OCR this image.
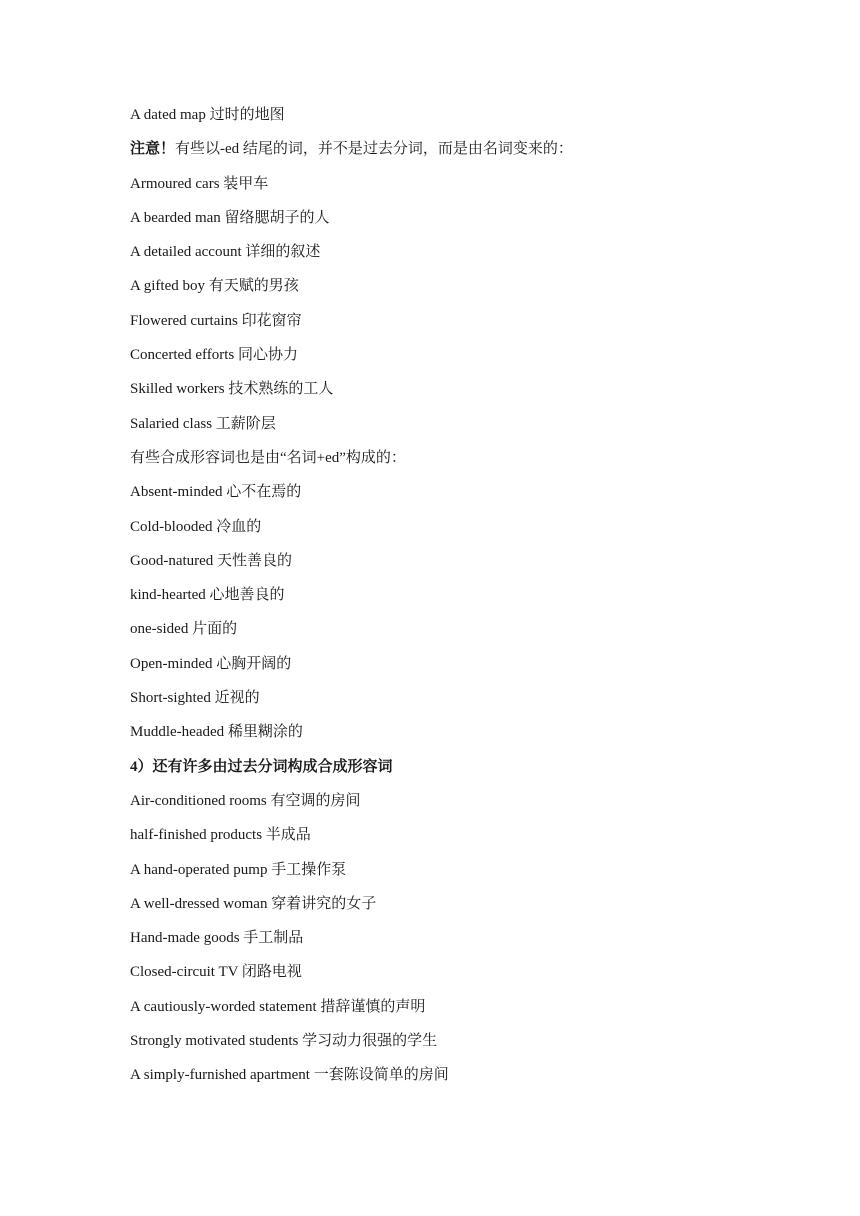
A dated map 过时的地图
注意！有些以-ed 结尾的词，并不是过去分词，而是由名词变来的：
Armoured cars 装甲车
A bearded man 留络腮胡子的人
A detailed account 详细的叙述
A gifted boy 有天赋的男孩
Flowered curtains 印花窗帘
Concerted efforts 同心协力
Skilled workers 技术熟练的工人
Salaried class 工薪阶层
有些合成形容词也是由“名词+ed”构成的：
Absent-minded 心不在焉的
Cold-blooded 冷血的
Good-natured 天性善良的
kind-hearted 心地善良的
one-sided 片面的
Open-minded 心胸开阔的
Short-sighted 近视的
Muddle-headed 稀里糊涂的
4）还有许多由过去分词构成合成形容词
Air-conditioned rooms 有空调的房间
half-finished products 半成品
A hand-operated pump 手工操作泵
A well-dressed woman 穿着讲究的女子
Hand-made goods 手工制品
Closed-circuit TV 闭路电视
A cautiously-worded statement 措辞谨慎的声明
Strongly motivated students 学习动力很强的学生
A simply-furnished apartment 一套陈设简单的房间
